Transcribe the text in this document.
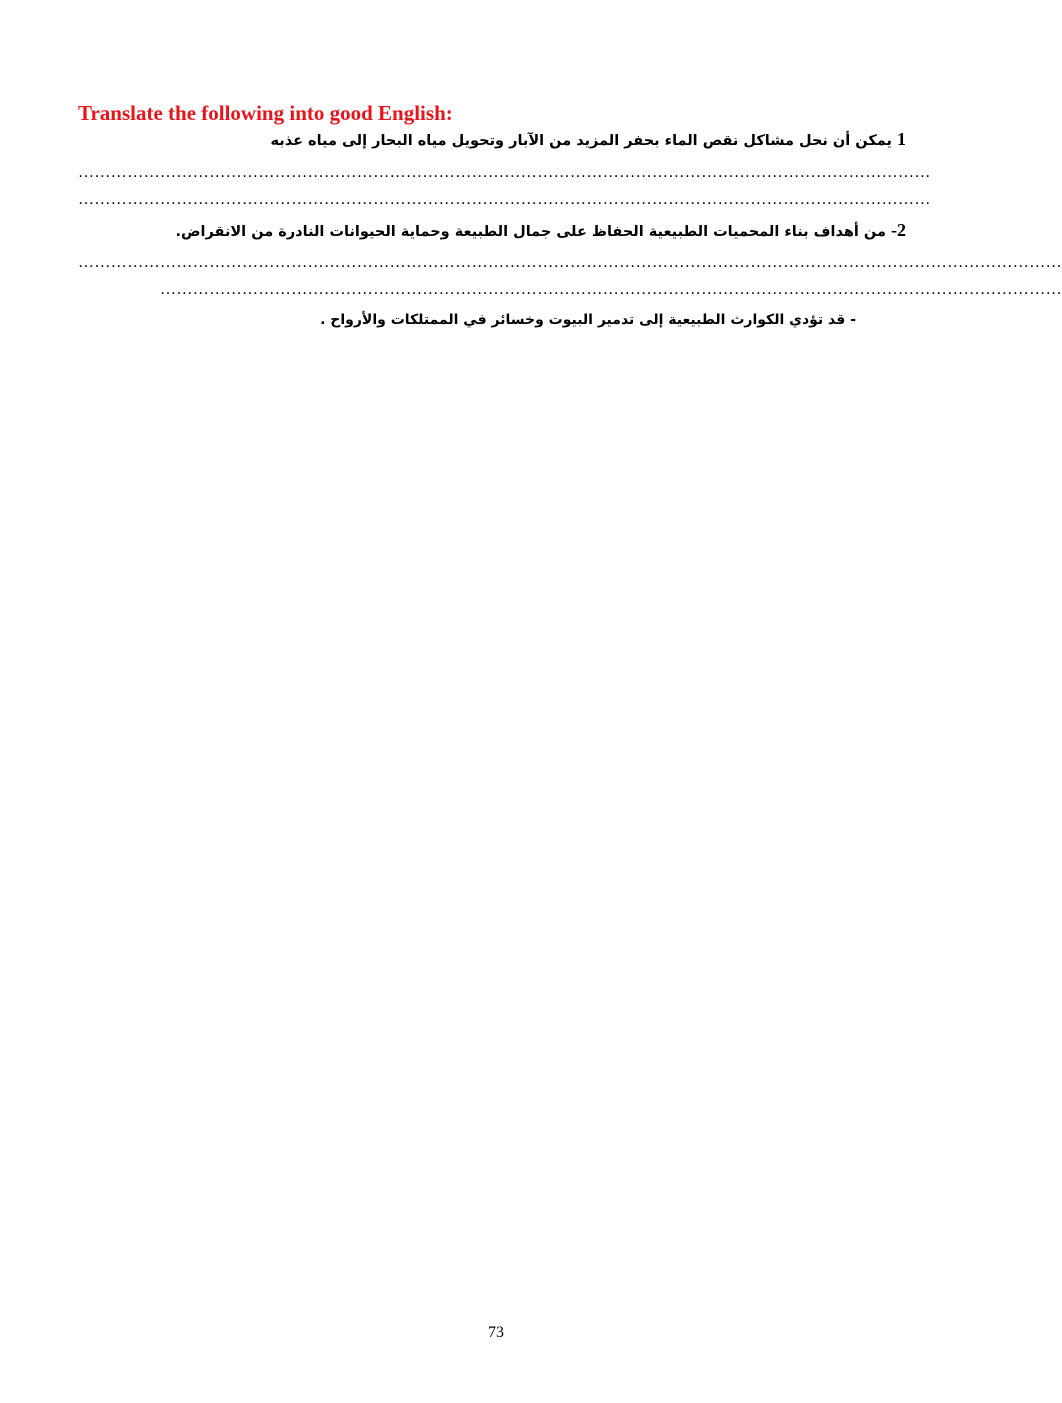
Translate the following into good English:
1 يمكن أن نحل مشاكل نقص الماء بحفر المزيد من الآبار وتحويل مياه البحار إلى مياه عذبه
…………………………………………………………………………………………………………………………………………
…………………………………………………………………………………………………………………………………………
2- من أهداف بناء المحميات الطبيعية الحفاظ على جمال الطبيعة وحماية الحيوانات النادرة من الانقراض.
………………………………………………………………………………………………………………………………………………………………
…………………………………………………………………………………………………………………………………………………
- قد تؤدي الكوارث الطبيعية إلى تدمير البيوت وخسائر في الممتلكات والأرواح .
73
